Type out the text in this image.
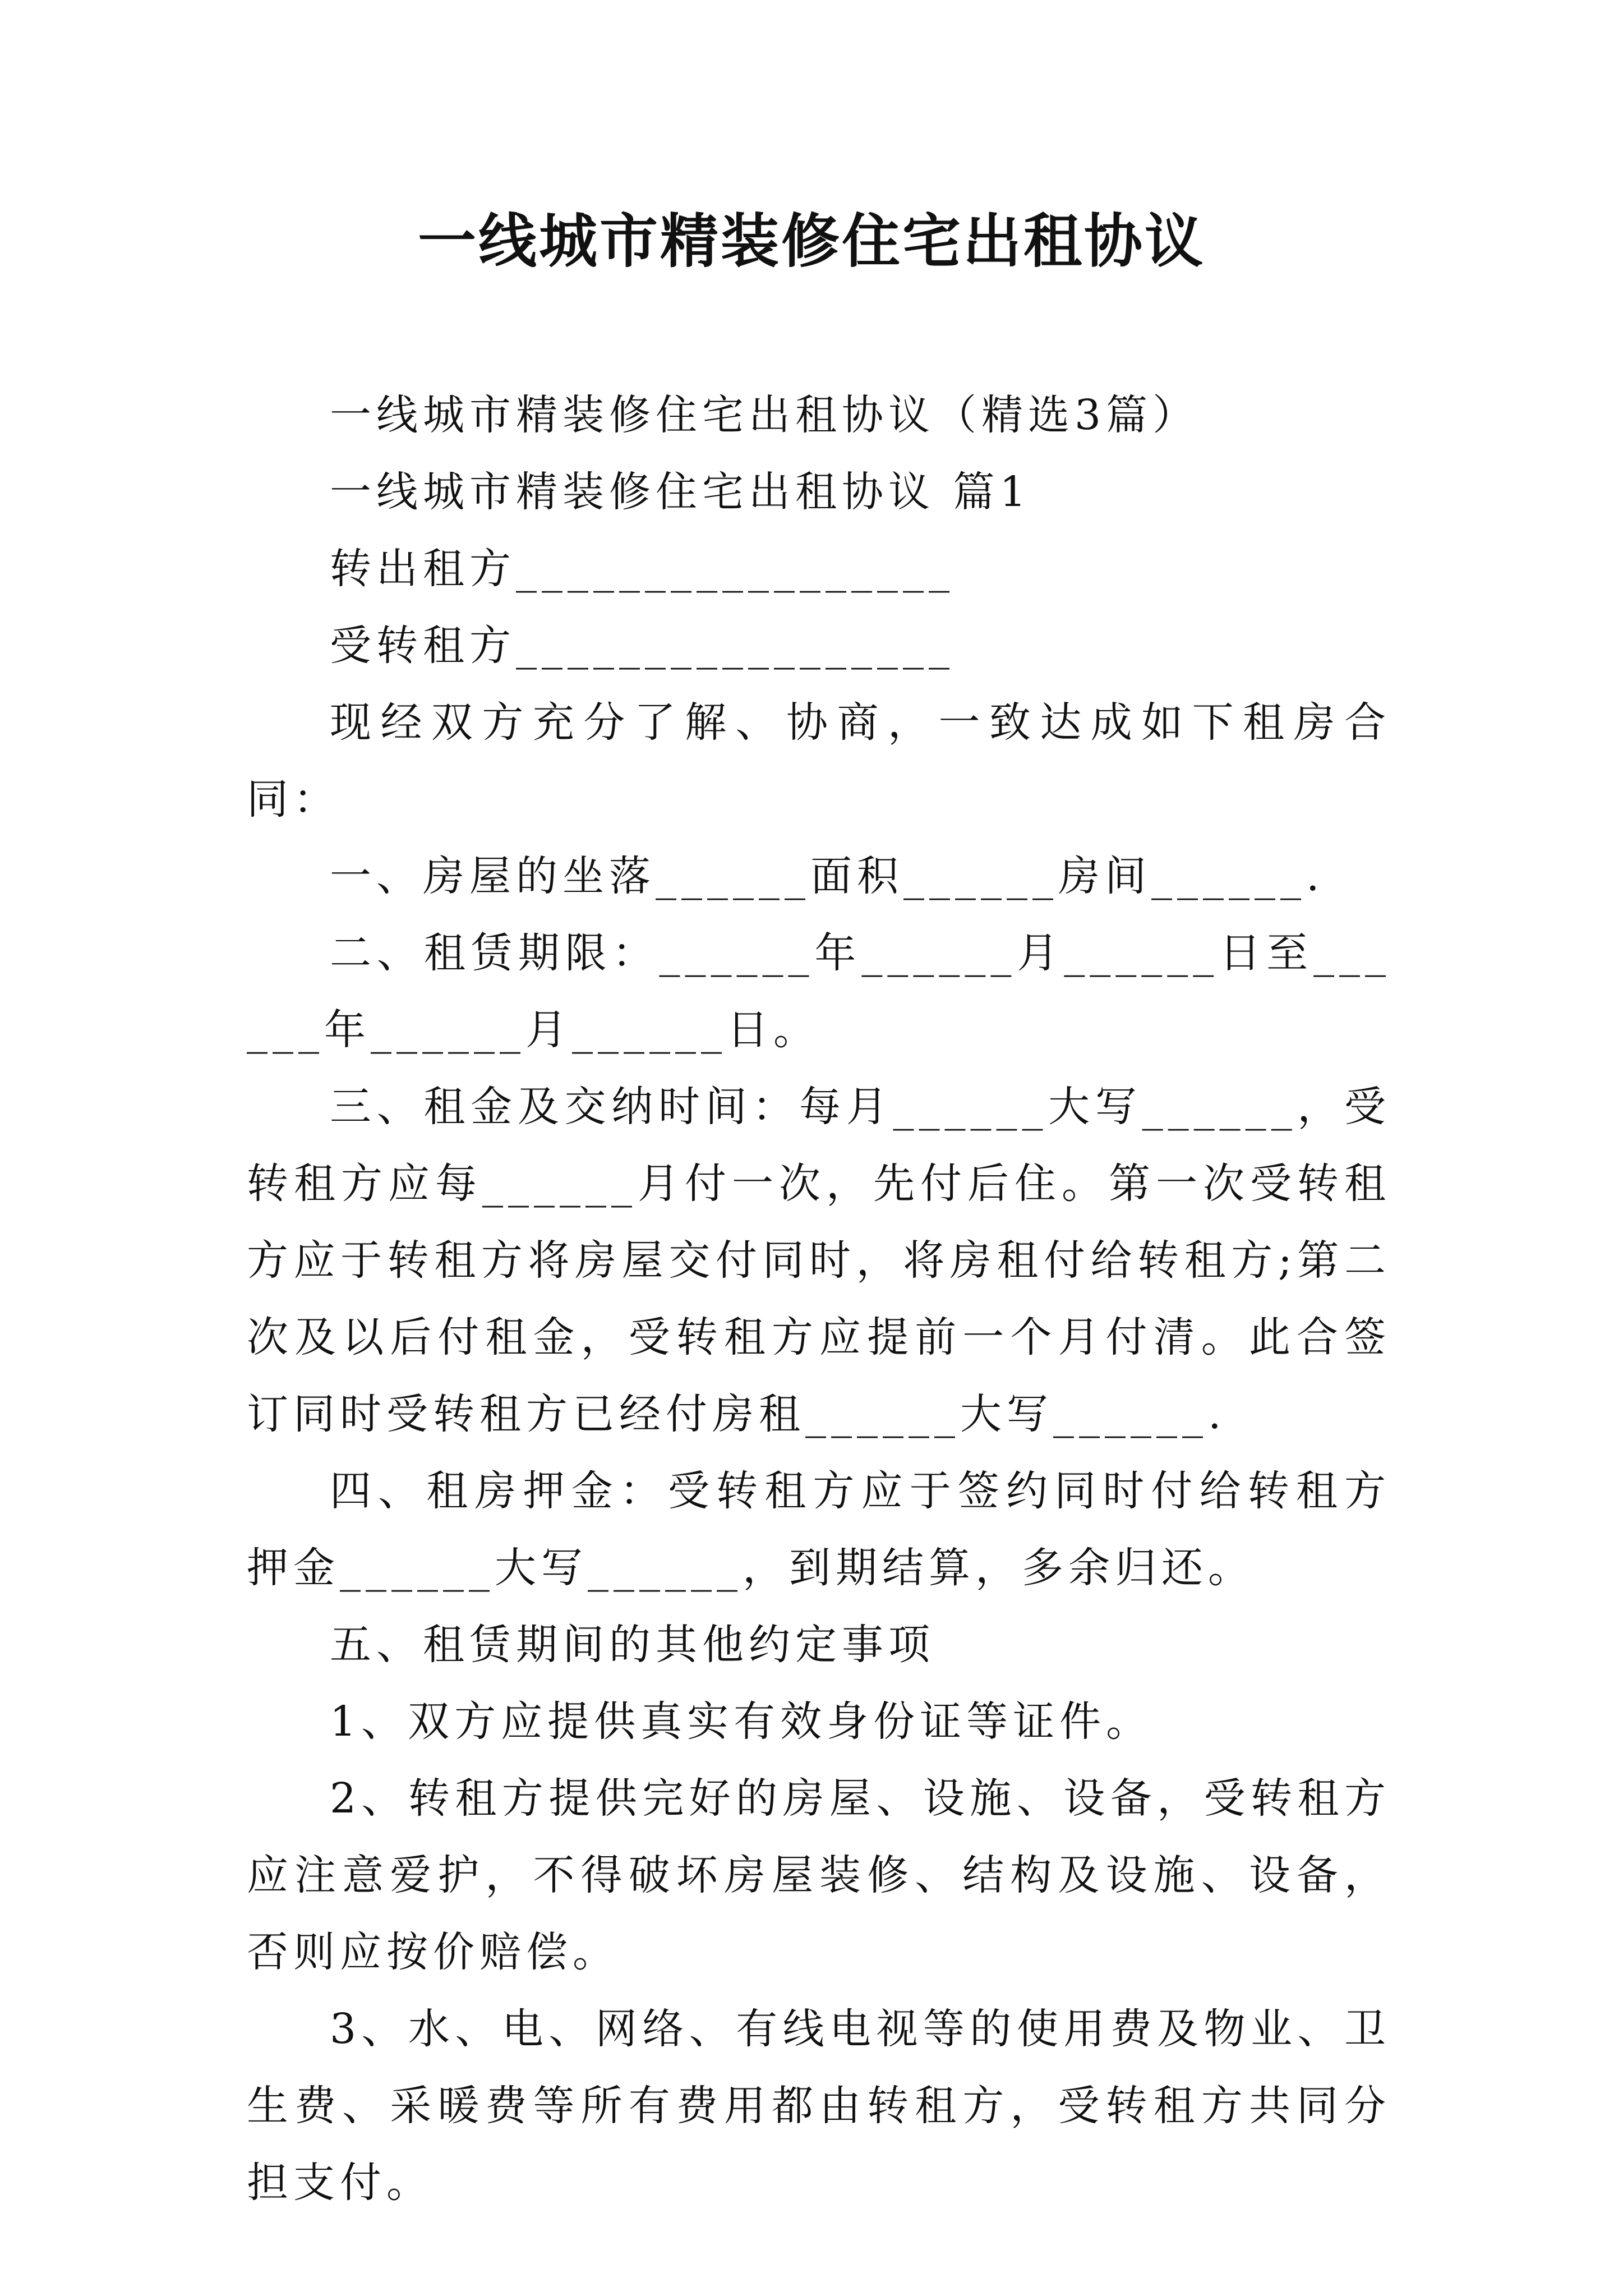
一线城市精装修住宅出租协议

一线城市精装修住宅出租协议（精选3篇）

一线城市精装修住宅出租协议 篇1

转出租方_________________

受转租方_________________

现经双方充分了解、协商，一致达成如下租房合同：

一、房屋的坐落______面积______房间______.

二、租赁期限：______年______月______日至______年______月______日。

三、租金及交纳时间：每月______大写______，受转租方应每______月付一次，先付后住。第一次受转租方应于转租方将房屋交付同时，将房租付给转租方;第二次及以后付租金，受转租方应提前一个月付清。此合签订同时受转租方已经付房租______大写______.

四、租房押金：受转租方应于签约同时付给转租方押金______大写______，到期结算，多余归还。

五、租赁期间的其他约定事项

1、双方应提供真实有效身份证等证件。

2、转租方提供完好的房屋、设施、设备，受转租方应注意爱护，不得破坏房屋装修、结构及设施、设备，否则应按价赔偿。

3、水、电、网络、有线电视等的使用费及物业、卫生费、采暖费等所有费用都由转租方，受转租方共同分担支付。
